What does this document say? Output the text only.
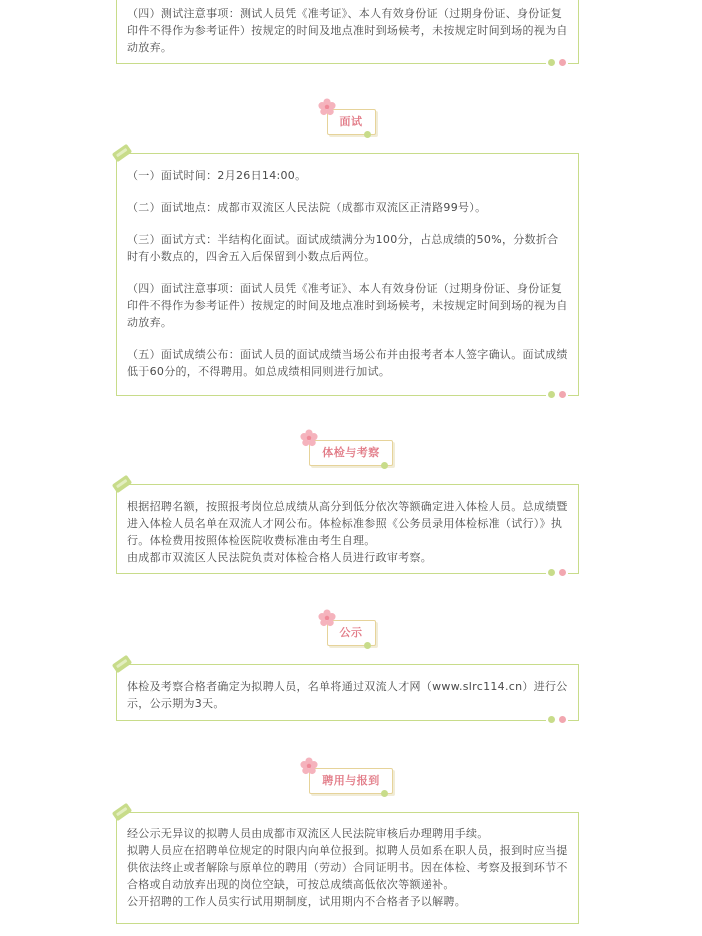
（四）测试注意事项：测试人员凭《准考证》、本人有效身份证（过期身份证、身份证复印件不得作为参考证件）按规定的时间及地点准时到场候考，未按规定时间到场的视为自动放弃。

面试

（一）面试时间：2月26日14:00。

（二）面试地点：成都市双流区人民法院（成都市双流区正清路99号）。

（三）面试方式：半结构化面试。面试成绩满分为100分，占总成绩的50%，分数折合时有小数点的，四舍五入后保留到小数点后两位。

（四）面试注意事项：面试人员凭《准考证》、本人有效身份证（过期身份证、身份证复印件不得作为参考证件）按规定的时间及地点准时到场候考，未按规定时间到场的视为自动放弃。

（五）面试成绩公布：面试人员的面试成绩当场公布并由报考者本人签字确认。面试成绩低于60分的，不得聘用。如总成绩相同则进行加试。

体检与考察

根据招聘名额，按照报考岗位总成绩从高分到低分依次等额确定进入体检人员。总成绩暨进入体检人员名单在双流人才网公布。体检标准参照《公务员录用体检标准（试行）》执行。体检费用按照体检医院收费标准由考生自理。

由成都市双流区人民法院负责对体检合格人员进行政审考察。

公示

体检及考察合格者确定为拟聘人员，名单将通过双流人才网（www.slrc114.cn）进行公示，公示期为3天。

聘用与报到

经公示无异议的拟聘人员由成都市双流区人民法院审核后办理聘用手续。

拟聘人员应在招聘单位规定的时限内向单位报到。拟聘人员如系在职人员，报到时应当提供依法终止或者解除与原单位的聘用（劳动）合同证明书。因在体检、考察及报到环节不合格或自动放弃出现的岗位空缺，可按总成绩高低依次等额递补。

公开招聘的工作人员实行试用期制度，试用期内不合格者予以解聘。
